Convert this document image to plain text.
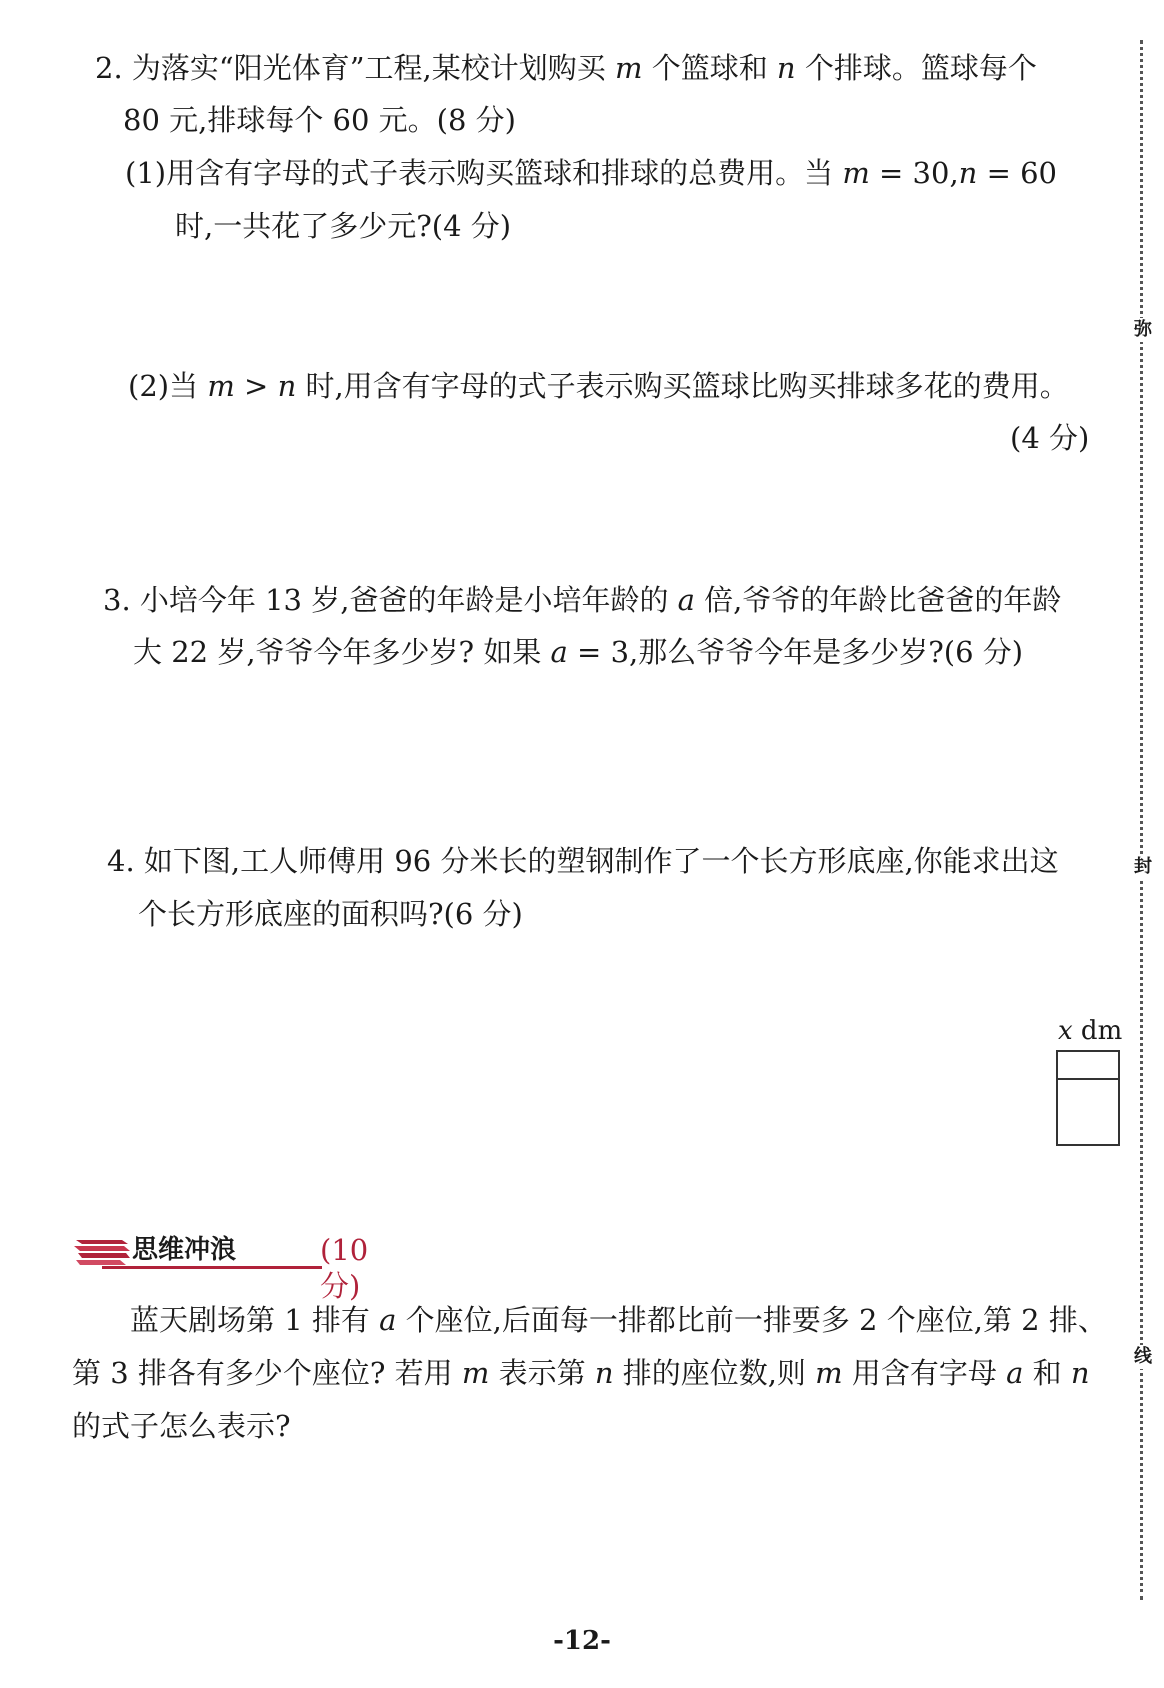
2. 为落实“阳光体育”工程,某校计划购买 m 个篮球和 n 个排球。篮球每个
80 元,排球每个 60 元。(8 分)
(1)用含有字母的式子表示购买篮球和排球的总费用。当 m = 30,n = 60
时,一共花了多少元?(4 分)
(2)当 m > n 时,用含有字母的式子表示购买篮球比购买排球多花的费用。
(4 分)
3. 小培今年 13 岁,爸爸的年龄是小培年龄的 a 倍,爷爷的年龄比爸爸的年龄
大 22 岁,爷爷今年多少岁? 如果 a = 3,那么爷爷今年是多少岁?(6 分)
4. 如下图,工人师傅用 96 分米长的塑钢制作了一个长方形底座,你能求出这
个长方形底座的面积吗?(6 分)
x dm
思维冲浪	(10 分)
蓝天剧场第 1 排有 a 个座位,后面每一排都比前一排要多 2 个座位,第 2 排、
第 3 排各有多少个座位? 若用 m 表示第 n 排的座位数,则 m 用含有字母 a 和 n
的式子怎么表示?
弥
封
线
-12-
